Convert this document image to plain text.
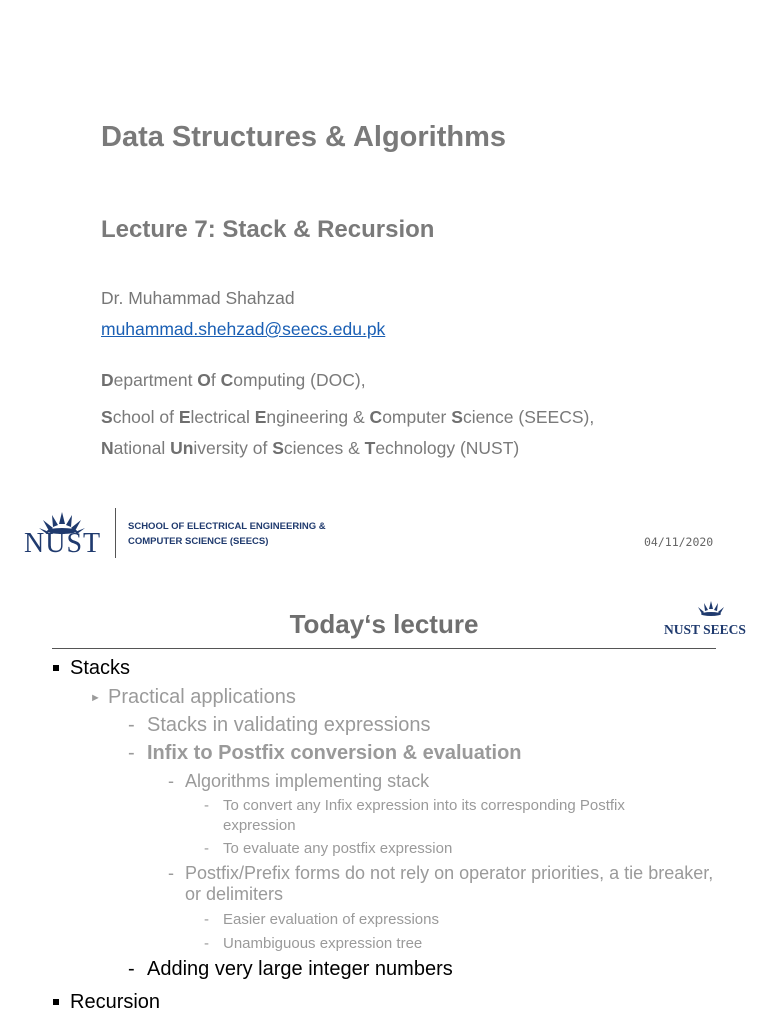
Data Structures & Algorithms
Lecture 7: Stack & Recursion
Dr. Muhammad Shahzad
muhammad.shehzad@seecs.edu.pk
Department Of Computing (DOC),
School of Electrical Engineering & Computer Science (SEECS),
National University of Sciences & Technology (NUST)
NUST
SCHOOL OF ELECTRICAL ENGINEERING &
COMPUTER SCIENCE (SEECS)	04/11/2020
Today‘s lecture	NUST SEECS
Stacks
► Practical applications
- Stacks in validating expressions
- Infix to Postfix conversion & evaluation
- Algorithms implementing stack
- To convert any Infix expression into its corresponding Postfix
expression
- To evaluate any postfix expression
- Postfix/Prefix forms do not rely on operator priorities, a tie breaker,
or delimiters
- Easier evaluation of expressions
- Unambiguous expression tree
- Adding very large integer numbers
Recursion
